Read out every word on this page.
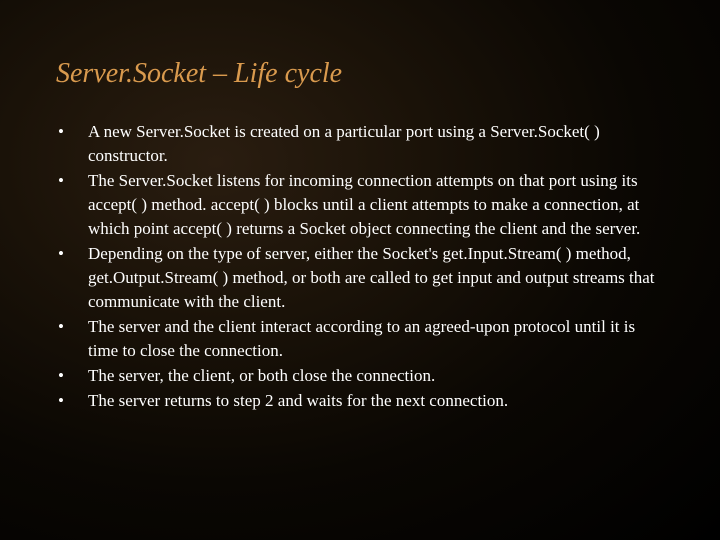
Server.Socket – Life cycle
•	A new Server.Socket is created on a particular port using a Server.Socket( ) constructor.
•	The Server.Socket listens for incoming connection attempts on that port using its accept( ) method. accept( ) blocks until a client attempts to make a connection, at which point accept( ) returns a Socket object connecting the client and the server.
•	Depending on the type of server, either the Socket's get.Input.Stream( ) method, get.Output.Stream( ) method, or both are called to get input and output streams that communicate with the client.
•	The server and the client interact according to an agreed-upon protocol until it is time to close the connection.
•	The server, the client, or both close the connection.
•	The server returns to step 2 and waits for the next connection.
